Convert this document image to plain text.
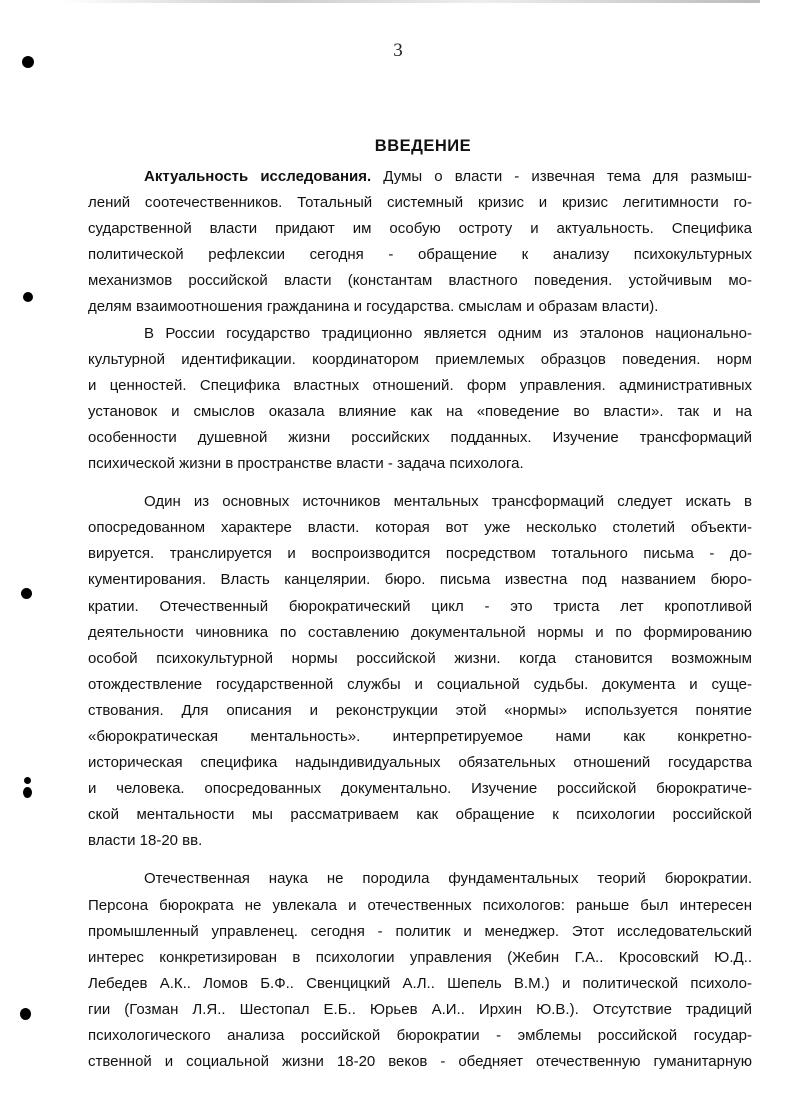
3
ВВЕДЕНИЕ

Актуальность исследования. Думы о власти - извечная тема для размыш-
лений соотечественников. Тотальный системный кризис и кризис легитимности го-
сударственной власти придают им особую остроту и актуальность. Специфика
политической рефлексии сегодня - обращение к анализу психокультурных
механизмов российской власти (константам властного поведения. устойчивым мо-
делям взаимоотношения гражданина и государства. смыслам и образам власти).

В России государство традиционно является одним из эталонов национально-
культурной идентификации. координатором приемлемых образцов поведения. норм
и ценностей. Специфика властных отношений. форм управления. административных
установок и смыслов оказала влияние как на «поведение во власти». так и на
особенности душевной жизни российских подданных. Изучение трансформаций
психической жизни в пространстве власти - задача психолога.

Один из основных источников ментальных трансформаций следует искать в
опосредованном характере власти. которая вот уже несколько столетий объекти-
вируется. транслируется и воспроизводится посредством тотального письма - до-
кументирования. Власть канцелярии. бюро. письма известна под названием бюро-
кратии. Отечественный бюрократический цикл - это триста лет кропотливой
деятельности чиновника по составлению документальной нормы и по формированию
особой психокультурной нормы российской жизни. когда становится возможным
отождествление государственной службы и социальной судьбы. документа и суще-
ствования. Для описания и реконструкции этой «нормы» используется понятие
«бюрократическая ментальность». интерпретируемое нами как конкретно-
историческая специфика надындивидуальных обязательных отношений государства
и человека. опосредованных документально. Изучение российской бюрократиче-
ской ментальности мы рассматриваем как обращение к психологии российской
власти 18-20 вв.

Отечественная наука не породила фундаментальных теорий бюрократии.
Персона бюрократа не увлекала и отечественных психологов: раньше был интересен
промышленный управленец. сегодня - политик и менеджер. Этот исследовательский
интерес конкретизирован в психологии управления (Жебин Г.А.. Кросовский Ю.Д..
Лебедев А.К.. Ломов Б.Ф.. Свенцицкий А.Л.. Шепель В.М.) и политической психоло-
гии (Гозман Л.Я.. Шестопал Е.Б.. Юрьев А.И.. Ирхин Ю.В.). Отсутствие традиций
психологического анализа российской бюрократии - эмблемы российской государ-
ственной и социальной жизни 18-20 веков - обедняет отечественную гуманитарную
